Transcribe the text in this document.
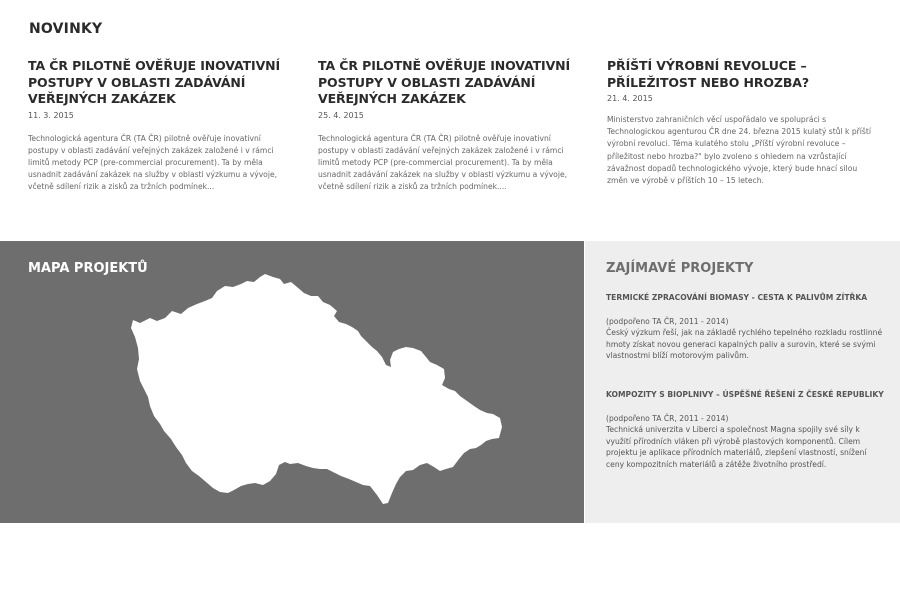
NOVINKY
TA ČR PILOTNĚ OVĚŘUJE INOVATIVNÍ POSTUPY V OBLASTI ZADÁVÁNÍ VEŘEJNÝCH ZAKÁZEK
11. 3. 2015
Technologická agentura ČR (TA ČR) pilotně ověřuje inovativní postupy v oblasti zadávání veřejných zakázek založené i v rámci limitů metody PCP (pre-commercial procurement). Ta by měla usnadnit zadávání zakázek na služby v oblasti výzkumu a vývoje, včetně sdílení rizik a zisků za tržních podmínek...
TA ČR PILOTNĚ OVĚŘUJE INOVATIVNÍ POSTUPY V OBLASTI ZADÁVÁNÍ VEŘEJNÝCH ZAKÁZEK
25. 4. 2015
Technologická agentura ČR (TA ČR) pilotně ověřuje inovativní postupy v oblasti zadávání veřejných zakázek založené i v rámci limitů metody PCP (pre-commercial procurement). Ta by měla usnadnit zadávání zakázek na služby v oblasti výzkumu a vývoje, včetně sdílení rizik a zisků za tržních podmínek....
PŘÍŠTÍ VÝROBNÍ REVOLUCE – PŘÍLEŽITOST NEBO HROZBA?
21. 4. 2015
Ministerstvo zahraničních věcí uspořádalo ve spolupráci s Technologickou agenturou ČR dne 24. března 2015 kulatý stůl k příští výrobní revoluci. Téma kulatého stolu „Příští výrobní revoluce – příležitost nebo hrozba?" bylo zvoleno s ohledem na vzrůstající závažnost dopadů technologického vývoje, který bude hnací silou změn ve výrobě v příštích 10 – 15 letech.
MAPA PROJEKTŮ	ZAJÍMAVÉ PROJEKTY
TERMICKÉ ZPRACOVÁNÍ BIOMASY - CESTA K PALIVŮM ZÍTŘKA
(podpořeno TA ČR, 2011 - 2014)
Český výzkum řeší, jak na základě rychlého tepelného rozkladu rostlinné hmoty získat novou generaci kapalných paliv a surovin, které se svými vlastnostmi blíží motorovým palivům.
KOMPOZITY S BIOPLNIVY – ÚSPĚŠNÉ ŘEŠENÍ Z ČESKÉ REPUBLIKY
(podpořeno TA ČR, 2011 - 2014)
Technická univerzita v Liberci a společnost Magna spojily své síly k využití přírodních vláken při výrobě plastových komponentů. Cílem projektu je aplikace přírodních materiálů, zlepšení vlastností, snížení ceny kompozitních materiálů a zátěže životního prostředí.
